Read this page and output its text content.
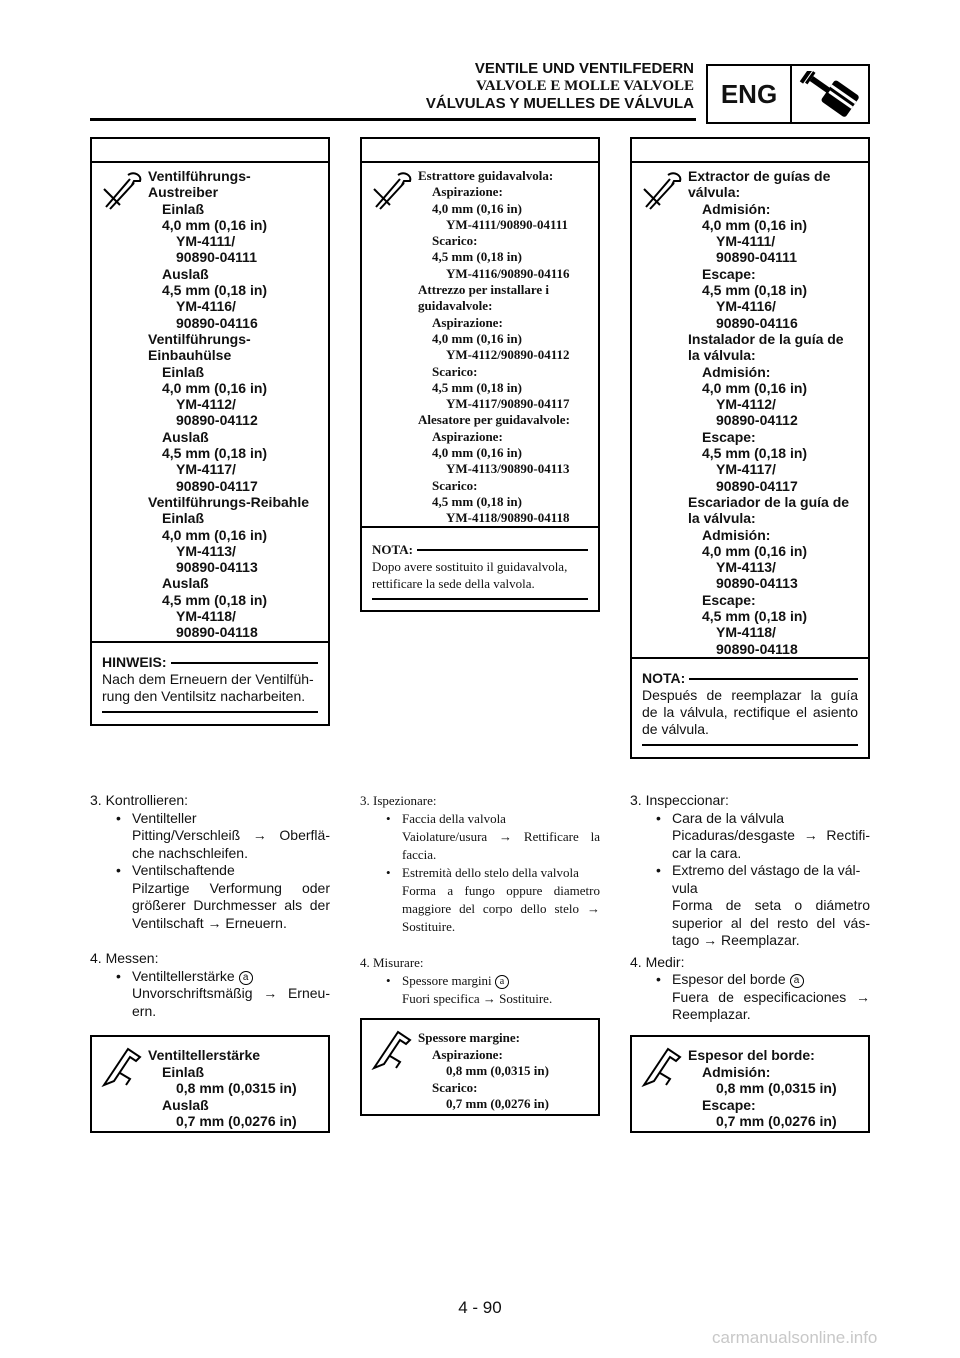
VENTILE UND VENTILFEDERN
VALVOLE E MOLLE VALVOLE
VÁLVULAS Y MUELLES DE VÁLVULA	ENG
Ventilführungs-
Austreiber
Einlaß
4,0 mm (0,16 in)
YM-4111/
90890-04111
Auslaß
4,5 mm (0,18 in)
YM-4116/
90890-04116
Ventilführungs-
Einbauhülse
Einlaß
4,0 mm (0,16 in)
YM-4112/
90890-04112
Auslaß
4,5 mm (0,18 in)
YM-4117/
90890-04117
Ventilführungs-Reibahle
Einlaß
4,0 mm (0,16 in)
YM-4113/
90890-04113
Auslaß
4,5 mm (0,18 in)
YM-4118/
90890-04118
HINWEIS:
Nach dem Erneuern der Ventilfüh-
rung den Ventilsitz nacharbeiten.
Estrattore guidavalvola:
Aspirazione:
4,0 mm (0,16 in)
YM-4111/90890-04111
Scarico:
4,5 mm (0,18 in)
YM-4116/90890-04116
Attrezzo per installare i
guidavalvole:
Aspirazione:
4,0 mm (0,16 in)
YM-4112/90890-04112
Scarico:
4,5 mm (0,18 in)
YM-4117/90890-04117
Alesatore per guidavalvole:
Aspirazione:
4,0 mm (0,16 in)
YM-4113/90890-04113
Scarico:
4,5 mm (0,18 in)
YM-4118/90890-04118
NOTA:
Dopo avere sostituito il guidavalvola,
rettificare la sede della valvola.
Extractor de guías de
válvula:
Admisión:
4,0 mm (0,16 in)
YM-4111/
90890-04111
Escape:
4,5 mm (0,18 in)
YM-4116/
90890-04116
Instalador de la guía de
la válvula:
Admisión:
4,0 mm (0,16 in)
YM-4112/
90890-04112
Escape:
4,5 mm (0,18 in)
YM-4117/
90890-04117
Escariador de la guía de
la válvula:
Admisión:
4,0 mm (0,16 in)
YM-4113/
90890-04113
Escape:
4,5 mm (0,18 in)
YM-4118/
90890-04118
NOTA:
Después de reemplazar la guía
de la válvula, rectifique el asiento
de válvula.
3. Kontrollieren:
• Ventilteller
Pitting/Verschleiß → Oberflä-
che nachschleifen.
• Ventilschaftende
Pilzartige Verformung oder
größerer Durchmesser als der
Ventilschaft → Erneuern.
4. Messen:
• Ventiltellerstärke a
Unvorschriftsmäßig → Erneu-
ern.
3. Ispezionare:
• Faccia della valvola
Vaiolature/usura → Rettificare la
faccia.
• Estremità dello stelo della valvola
Forma a fungo oppure diametro
maggiore del corpo dello stelo →
Sostituire.
4. Misurare:
• Spessore margini a
Fuori specifica → Sostituire.
3. Inspeccionar:
• Cara de la válvula
Picaduras/desgaste → Rectifi-
car la cara.
• Extremo del vástago de la vál-
vula
Forma de seta o diámetro
superior al del resto del vás-
tago → Reemplazar.
4. Medir:
• Espesor del borde a
Fuera de especificaciones →
Reemplazar.
Ventiltellerstärke
Einlaß
0,8 mm (0,0315 in)
Auslaß
0,7 mm (0,0276 in)
Spessore margine:
Aspirazione:
0,8 mm (0,0315 in)
Scarico:
0,7 mm (0,0276 in)
Espesor del borde:
Admisión:
0,8 mm (0,0315 in)
Escape:
0,7 mm (0,0276 in)
4 - 90
carmanualsonline.info
